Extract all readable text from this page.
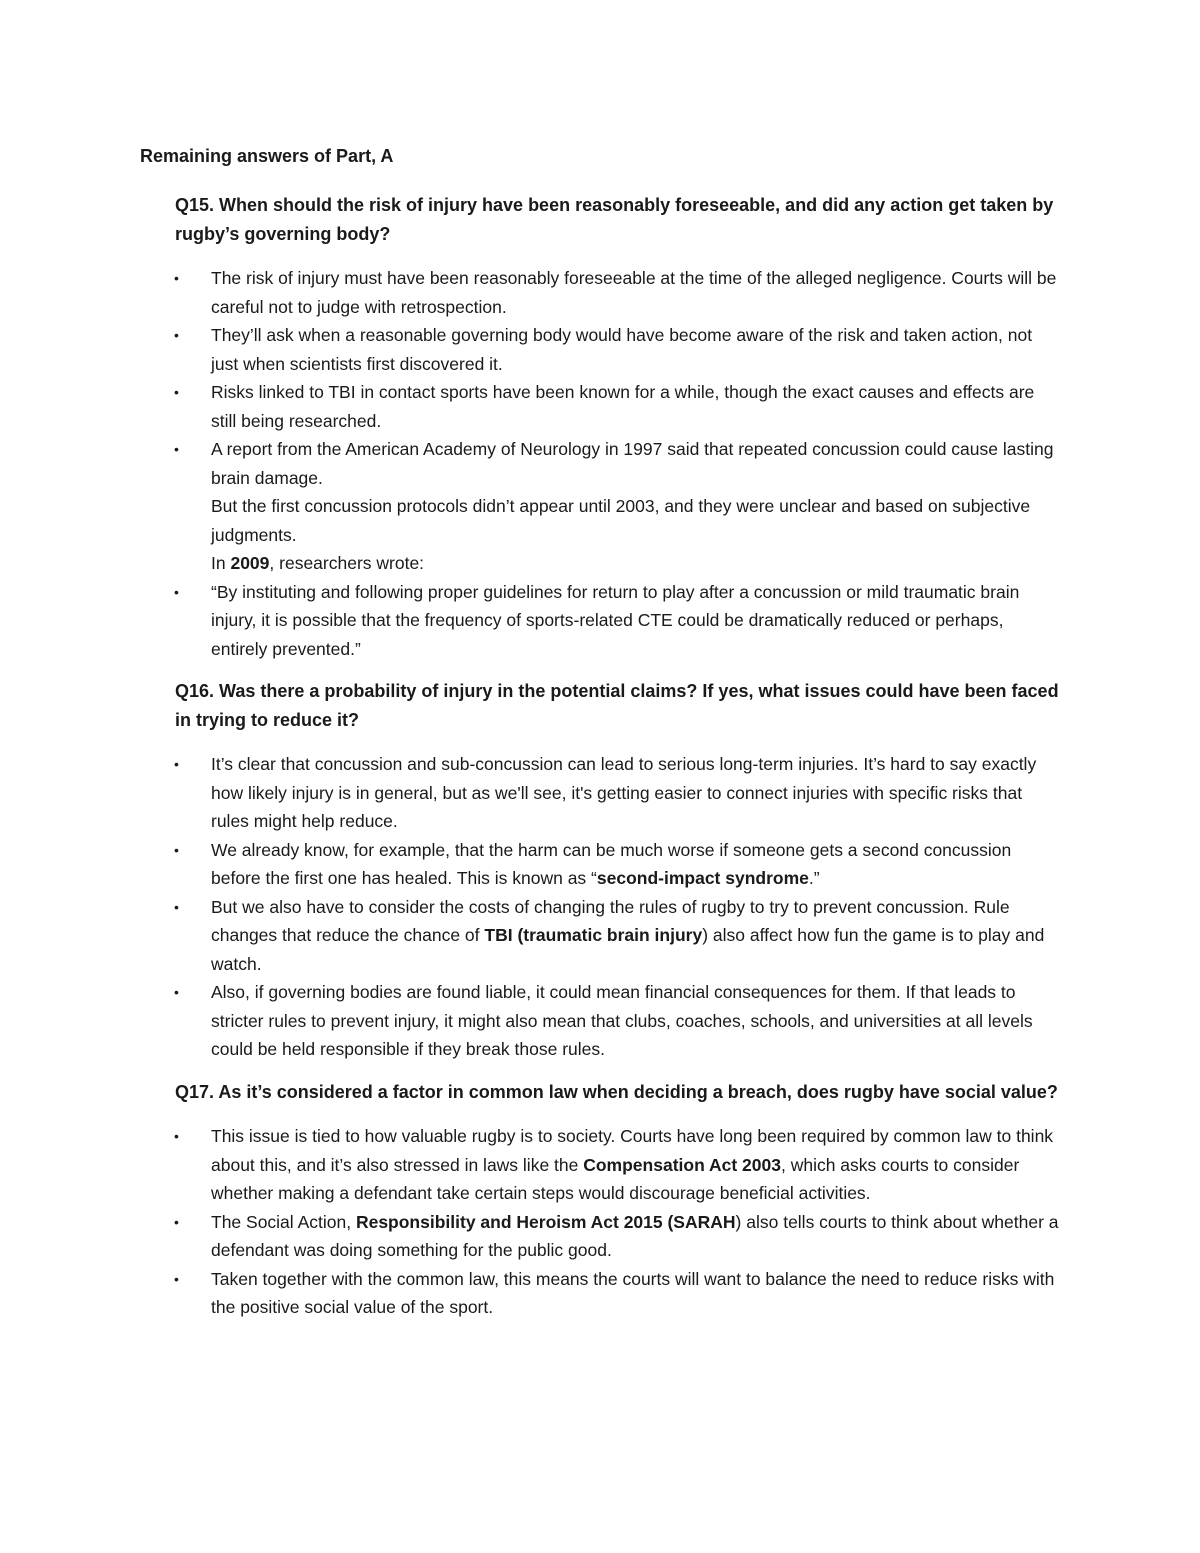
Remaining answers of Part, A
Q15. When should the risk of injury have been reasonably foreseeable, and did any action get taken by rugby’s governing body?
• The risk of injury must have been reasonably foreseeable at the time of the alleged negligence. Courts will be careful not to judge with retrospection.
• They’ll ask when a reasonable governing body would have become aware of the risk and taken action, not just when scientists first discovered it.
• Risks linked to TBI in contact sports have been known for a while, though the exact causes and effects are still being researched.
• A report from the American Academy of Neurology in 1997 said that repeated concussion could cause lasting brain damage.
But the first concussion protocols didn’t appear until 2003, and they were unclear and based on subjective judgments.
In 2009, researchers wrote:
• “By instituting and following proper guidelines for return to play after a concussion or mild traumatic brain injury, it is possible that the frequency of sports-related CTE could be dramatically reduced or perhaps, entirely prevented.”
Q16. Was there a probability of injury in the potential claims? If yes, what issues could have been faced in trying to reduce it?
• It’s clear that concussion and sub-concussion can lead to serious long-term injuries. It’s hard to say exactly how likely injury is in general, but as we'll see, it's getting easier to connect injuries with specific risks that rules might help reduce.
• We already know, for example, that the harm can be much worse if someone gets a second concussion before the first one has healed. This is known as “second-impact syndrome.”
• But we also have to consider the costs of changing the rules of rugby to try to prevent concussion. Rule changes that reduce the chance of TBI (traumatic brain injury) also affect how fun the game is to play and watch.
• Also, if governing bodies are found liable, it could mean financial consequences for them. If that leads to stricter rules to prevent injury, it might also mean that clubs, coaches, schools, and universities at all levels could be held responsible if they break those rules.
Q17. As it’s considered a factor in common law when deciding a breach, does rugby have social value?
• This issue is tied to how valuable rugby is to society. Courts have long been required by common law to think about this, and it’s also stressed in laws like the Compensation Act 2003, which asks courts to consider whether making a defendant take certain steps would discourage beneficial activities.
• The Social Action, Responsibility and Heroism Act 2015 (SARAH) also tells courts to think about whether a defendant was doing something for the public good.
• Taken together with the common law, this means the courts will want to balance the need to reduce risks with the positive social value of the sport.
